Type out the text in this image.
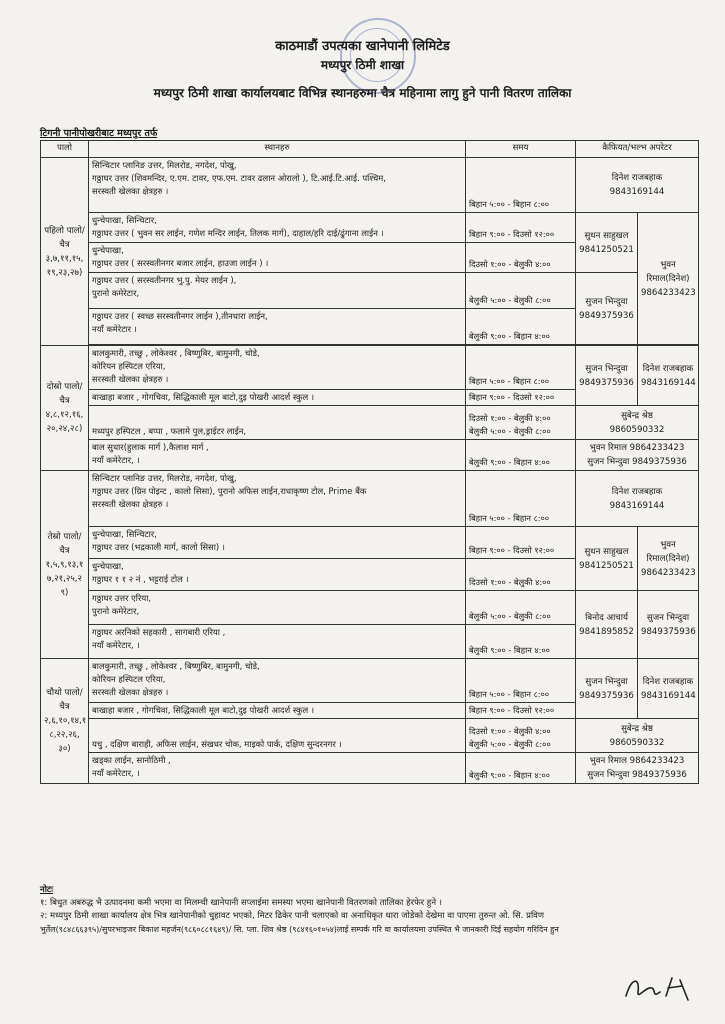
काठमाडौं उपत्यका खानेपानी लिमिटेड
मध्यपुर ठिमी शाखा
मध्यपुर ठिमी शाखा कार्यालयबाट विभिन्न स्थानहरुमा चैत्र महिनामा लागु हुने पानी वितरण तालिका
टिगनी पानीपोखरीबाट मध्यपुर तर्फ
पालो	स्थानहरु	समय	कैफियत/भल्भ अपरेटर	
पहिलो पालो/चैत्र ३,७,११,१५, १९,२३,२७)	सिन्चिटार प्लानिङ उत्तर, मिलरोड, नगदेश, पोखु,
गठ्ठाघर उत्तर (शिवमन्दिर, ए.एम. टावर, एफ.एम. टावर ढलान ओरालो ), टि.आई.टि.आई. पश्चिम,
सरस्वती खेलका क्षेत्रहरु ।	बिहान ५:०० - बिहान ८:००	दिनेश राजबहाक
9843169144	

	धुन्चेपाखा, सिन्चिटार,
गठ्ठाघर उत्तर ( भुवन सर लाईन, गणेश मन्दिर लाईन, तिलक मार्ग), दाहाल/हरि दाई/ढुंगाना लाईन ।	बिहान ९:०० - दिउसो १२:००	सुधन साहुखल
9841250521	भुवन रिमाल(दिनेश)
9864233423

	धुन्चेपाखा,
गठ्ठाघर उत्तर ( सरस्वतीनगर बजार लाईन, हाउजा लाईन ) ।	दिउसो १:०० - बेलुकी ४:००		

	गठ्ठाघर उत्तर ( सरस्वतीनगर भु.पु. मेयर लाईन ),
पुरानो कमेरेटार,	बेलुकी ५:०० - बेलुकी ८:००	सुजन भिन्दुवा
9849375936	

	गठ्ठाघर उत्तर ( स्वच्छ सरस्वतीनगर लाईन ),तीनधारा लाईन,
नयाँ कमेरेटार ।	बेलुकी ९:०० - बिहान ४:००		

दोस्रो पालो/चैत्र ४,८,१२,१६, २०,२४,२८)	बालकुमारी, तच्छु , लोकेश्वर , बिष्णुबिर, बामुनगी, चोडे,
कोरियन हस्पिटल एरिया,
सरस्वती खेलका क्षेत्रहरु ।	बिहान ५:०० - बिहान ८:००	सुजन भिन्दुवा
9849375936	दिनेश राजबहाक
9843169144

	बाखाहा बजार , गोगचिवा, सिद्धिकाली मूल बाटो,दुइ पोखरी आदर्श स्कुल ।	बिहान ९:०० - दिउसो १२:००		

	मध्यपुर हस्पिटल , बप्पा , फलामे पुल,ड्राईटर लाईन,	दिउसो १:०० - बेलुकी ४:००
बेलुकी ५:०० - बेलुकी ८:००	सुबेन्द्र श्रेष्ठ
9860590332	

	बाल सुधार(हुलाक मार्ग ),कैलाश मार्ग ,
नयाँ कमेरेटार, ।	बेलुकी ९:०० - बिहान ४:००	भुवन रिमाल 9864233423
सुजन भिन्दुवा 9849375936	

तेस्रो पालो/चैत्र १,५,९,१३,१ ७,२१,२५,२ ९)	सिन्चिटार प्लानिङ उत्तर, मिलरोड, नगदेश, पोखु,
गठ्ठाघर उत्तर (ग्रिन पोइन्ट , कालो सिसा), पुरानो अफिस लाईन,राधाकृष्ण टोल, Prime बैंक
सरस्वती खेलका क्षेत्रहरु ।	बिहान ५:०० - बिहान ८:००	दिनेश राजबहाक
9843169144	

	धुन्चेपाखा, सिन्चिटार,
गठ्ठाघर उत्तर (भद्रकाली मार्ग, कालो सिसा) ।	बिहान ९:०० - दिउसो १२:००	सुधन साहुखल
9841250521	भुवन रिमाल(दिनेश)
9864233423

	धुन्चेपाखा,
गठ्ठाघर १ १ २ नं , भट्टराई टोल ।	दिउसो १:०० - बेलुकी ४:००		

	गठ्ठाघर उत्तर एरिया,
पुरानो कमेरेटार,	बेलुकी ५:०० - बेलुकी ८:००	बिनोद आचार्य
9841895852	सुजन भिन्दुवा
9849375936

	गठ्ठाघर अरनिको सहकारी , सागबारी एरिया ,
नयाँ कमेरेटार, ।	बेलुकी ९:०० - बिहान ४:००		
चौथो पालो/चैत्र २,६,१०,१४,१ ८,२२,२६, ३०)	बालकुमारी, तच्छु , लोकेश्वर , बिष्णुबिर, बामुनगी, चोडे,
कोरियन हस्पिटल एरिया,
सरस्वती खेलका क्षेत्रहरु ।	बिहान ५:०० - बिहान ८:००	सुजन भिन्दुवा
9849375936	दिनेश राजबहाक
9843169144

	बाखाहा बजार , गोगचिवा, सिद्धिकाली मूल बाटो,दुइ पोखरी आदर्श स्कुल ।	बिहान ९:०० - दिउसो १२:००		

	यचु , दक्षिण बाराही, अफिस लाईन, संखधर चोक, माइको पार्क, दक्षिण सुन्दरनगर ।	दिउसो १:०० - बेलुकी ४:००
बेलुकी ५:०० - बेलुकी ८:००	सुबेन्द्र श्रेष्ठ
9860590332	

	खड्का लाईन, सानोठिमी ,
नयाँ कमेरेटार, ।	बेलुकी ९:०० - बिहान ४:००	भुवन रिमाल 9864233423
सुजन भिन्दुवा 9849375936	
नोटः
१: बिधुत अबरुद्ध भै उत्पादनमा कमी भएमा वा मिलम्ची खानेपानी सप्लाईमा समस्या भएमा खानेपानी वितरणको तालिका हेरफेर हुने ।
२: मध्यपुर ठिमी शाखा कार्यालय क्षेत्र भित्र खानेपानीको चुहावट भएको, मिटर ढिकेर पानी चलाएको वा अनाधिकृत धारा जोडेको देखेमा वा पाएमा तुरुन्त ओ. सि. प्रविण
भुर्तेल(९८४८६६३९५)/सुपरभाइजर बिकाश महर्जन(९८६०८८१६४९)/ सि. प्ला. शिव श्रेष्ठ (९८४१६०१०५४)लाई सम्पर्क गरि वा कार्यालयमा उपस्थित भै जानकारी दिई सहयोग गरिदिन हुन
